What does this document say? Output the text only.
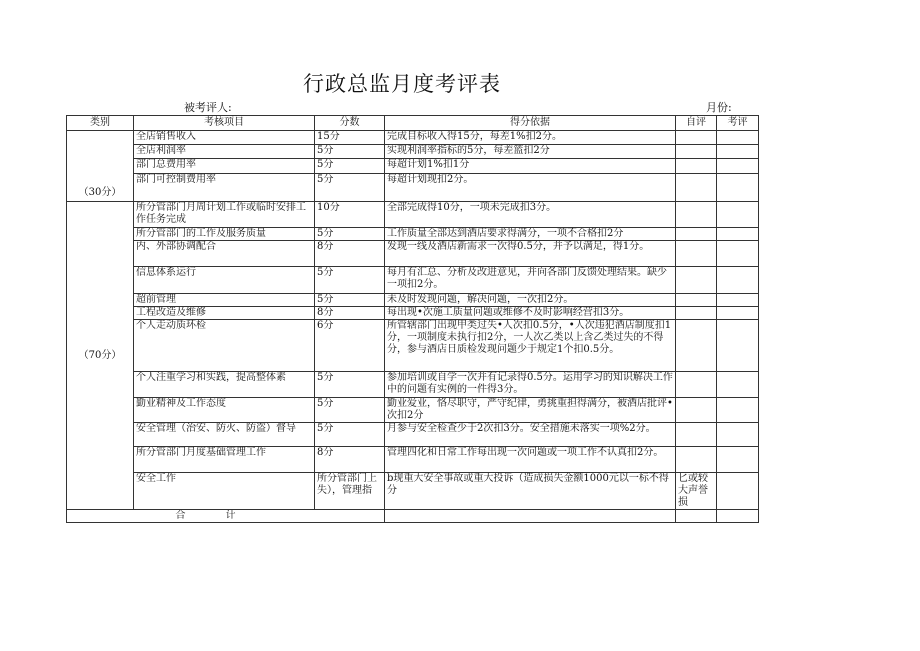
行政总监月度考评表
被考评人:	月份:
类别	考核项目	分数	得分依据	自评	考评
（30分）	全店销售收入	15分	完成目标收入得15分，每差1%扣2分。		
	全店利润率	5分	实现利润率指标的5分，每差篮扣2分		
	部门总费用率	5分	每超计划1%扣1分		
	部门可控制费用率	5分	每超计划现扣2分。		
（70分）	所分管部门月周计划工作或临时安排工作任务完成	10分	全部完成得10分，一项未完成扣3分。		
	所分管部门的工作及服务质量	5分	工作质量全部达到酒店要求得满分，一项不合格扣2分		
	内、外部协调配合	8分	发现一线及酒店新需求一次得0.5分，并予以满足，得1分。		
	信息体系运行	5分	每月有汇总、分析及改进意见，并向各部门反馈处理结果。缺少一项扣2分。		
	超前管理	5分	未及时发现问题，解决问题，一次扣2分。		
	工程改造及维修	8分	每出现•次施工质量问题或维修不及时影响经营扣3分。		
	个人走动质环检	6分	所管辖部门出现甲类过失•人次扣0.5分，•人次违犯酒店制度扣1分，一项制度未执行扣2分，一人次乙类以上含乙类过失的不得分，参与酒店日质检发现问题少于规定1个扣0.5分。		
	个人注重学习和实践，提高整体素	5分	参加培训或自学一次并有记录得0.5分。运用学习的知识解决工作中的问题有实例的一件得3分。		
	勤业精神及工作态度	5分	勤业爱业，恪尽职守，严守纪律，勇挑重担得满分，被酒店批评•次扣2分		
	安全管理（治安、防火、防盗）督导	5分	月参与安全检查少于2次扣3分。安全措施未落实一项%2分。		
	所分管部门月度基础管理工作	8分	管理四化和日常工作每出现一次问题或一项工作不认真扣2分。		
	安全工作	所分管部门上失），管理指	b现重大安全事故或重大投诉（造成损失金额1000元以一标不得分	匕或较大声誉损	
合计					
